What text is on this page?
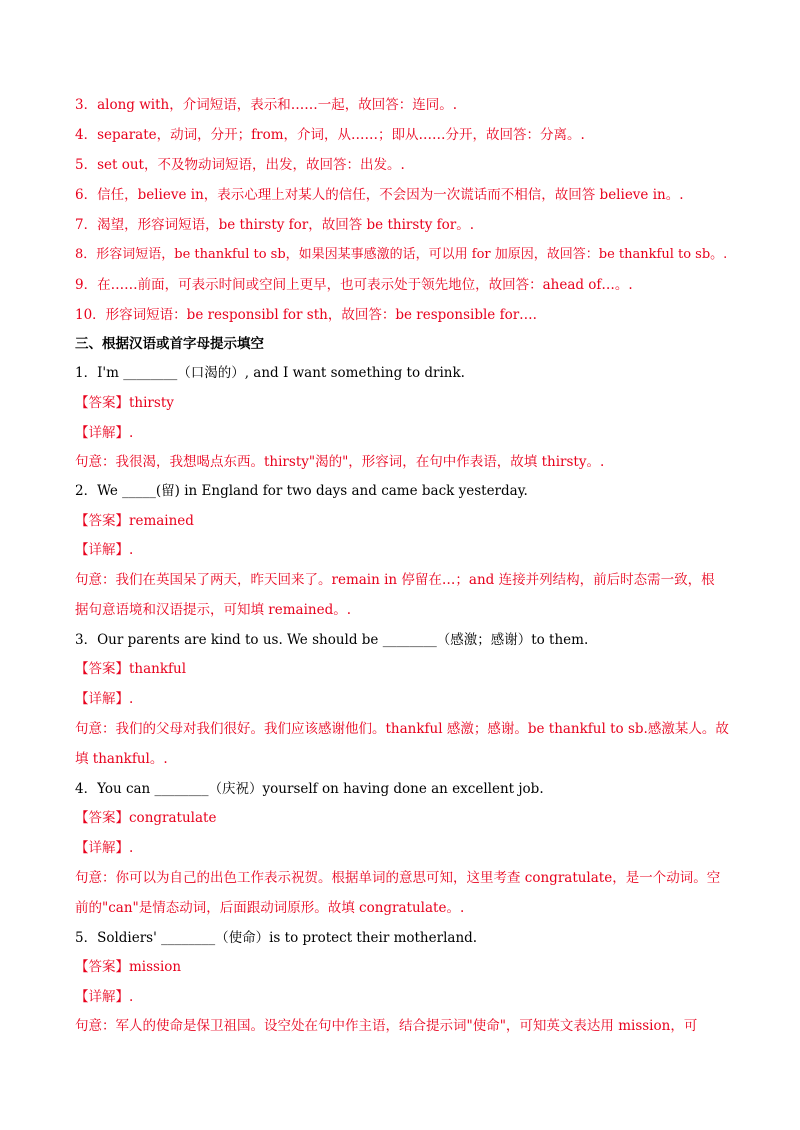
3．along with，介词短语，表示和……一起，故回答：连同。.
4．separate，动词，分开；from，介词，从……；即从……分开，故回答：分离。.
5．set out，不及物动词短语，出发，故回答：出发。.
6．信任，believe in，表示心理上对某人的信任，不会因为一次谎话而不相信，故回答 believe in。.
7．渴望，形容词短语，be thirsty for，故回答 be thirsty for。.
8．形容词短语，be thankful to sb，如果因某事感激的话，可以用 for 加原因，故回答：be thankful to sb。.
9．在……前面，可表示时间或空间上更早，也可表示处于领先地位，故回答：ahead of…。.
10．形容词短语：be responsibl for sth，故回答：be responsible for….
三、根据汉语或首字母提示填空
1．I'm ________（口渴的）, and I want something to drink.
【答案】thirsty
【详解】.
句意：我很渴，我想喝点东西。thirsty"渴的"，形容词，在句中作表语，故填 thirsty。.
2．We _____(留) in England for two days and came back yesterday.
【答案】remained
【详解】.
句意：我们在英国呆了两天，昨天回来了。remain in 停留在…；and 连接并列结构，前后时态需一致，根
据句意语境和汉语提示，可知填 remained。.
3．Our parents are kind to us. We should be ________（感激；感谢）to them.
【答案】thankful
【详解】.
句意：我们的父母对我们很好。我们应该感谢他们。thankful 感激；感谢。be thankful to sb.感激某人。故
填 thankful。.
4．You can ________（庆祝）yourself on having done an excellent job.
【答案】congratulate
【详解】.
句意：你可以为自己的出色工作表示祝贺。根据单词的意思可知，这里考查 congratulate，是一个动词。空
前的"can"是情态动词，后面跟动词原形。故填 congratulate。.
5．Soldiers' ________（使命）is to protect their motherland.
【答案】mission
【详解】.
句意：军人的使命是保卫祖国。设空处在句中作主语，结合提示词"使命"，可知英文表达用 mission，可
